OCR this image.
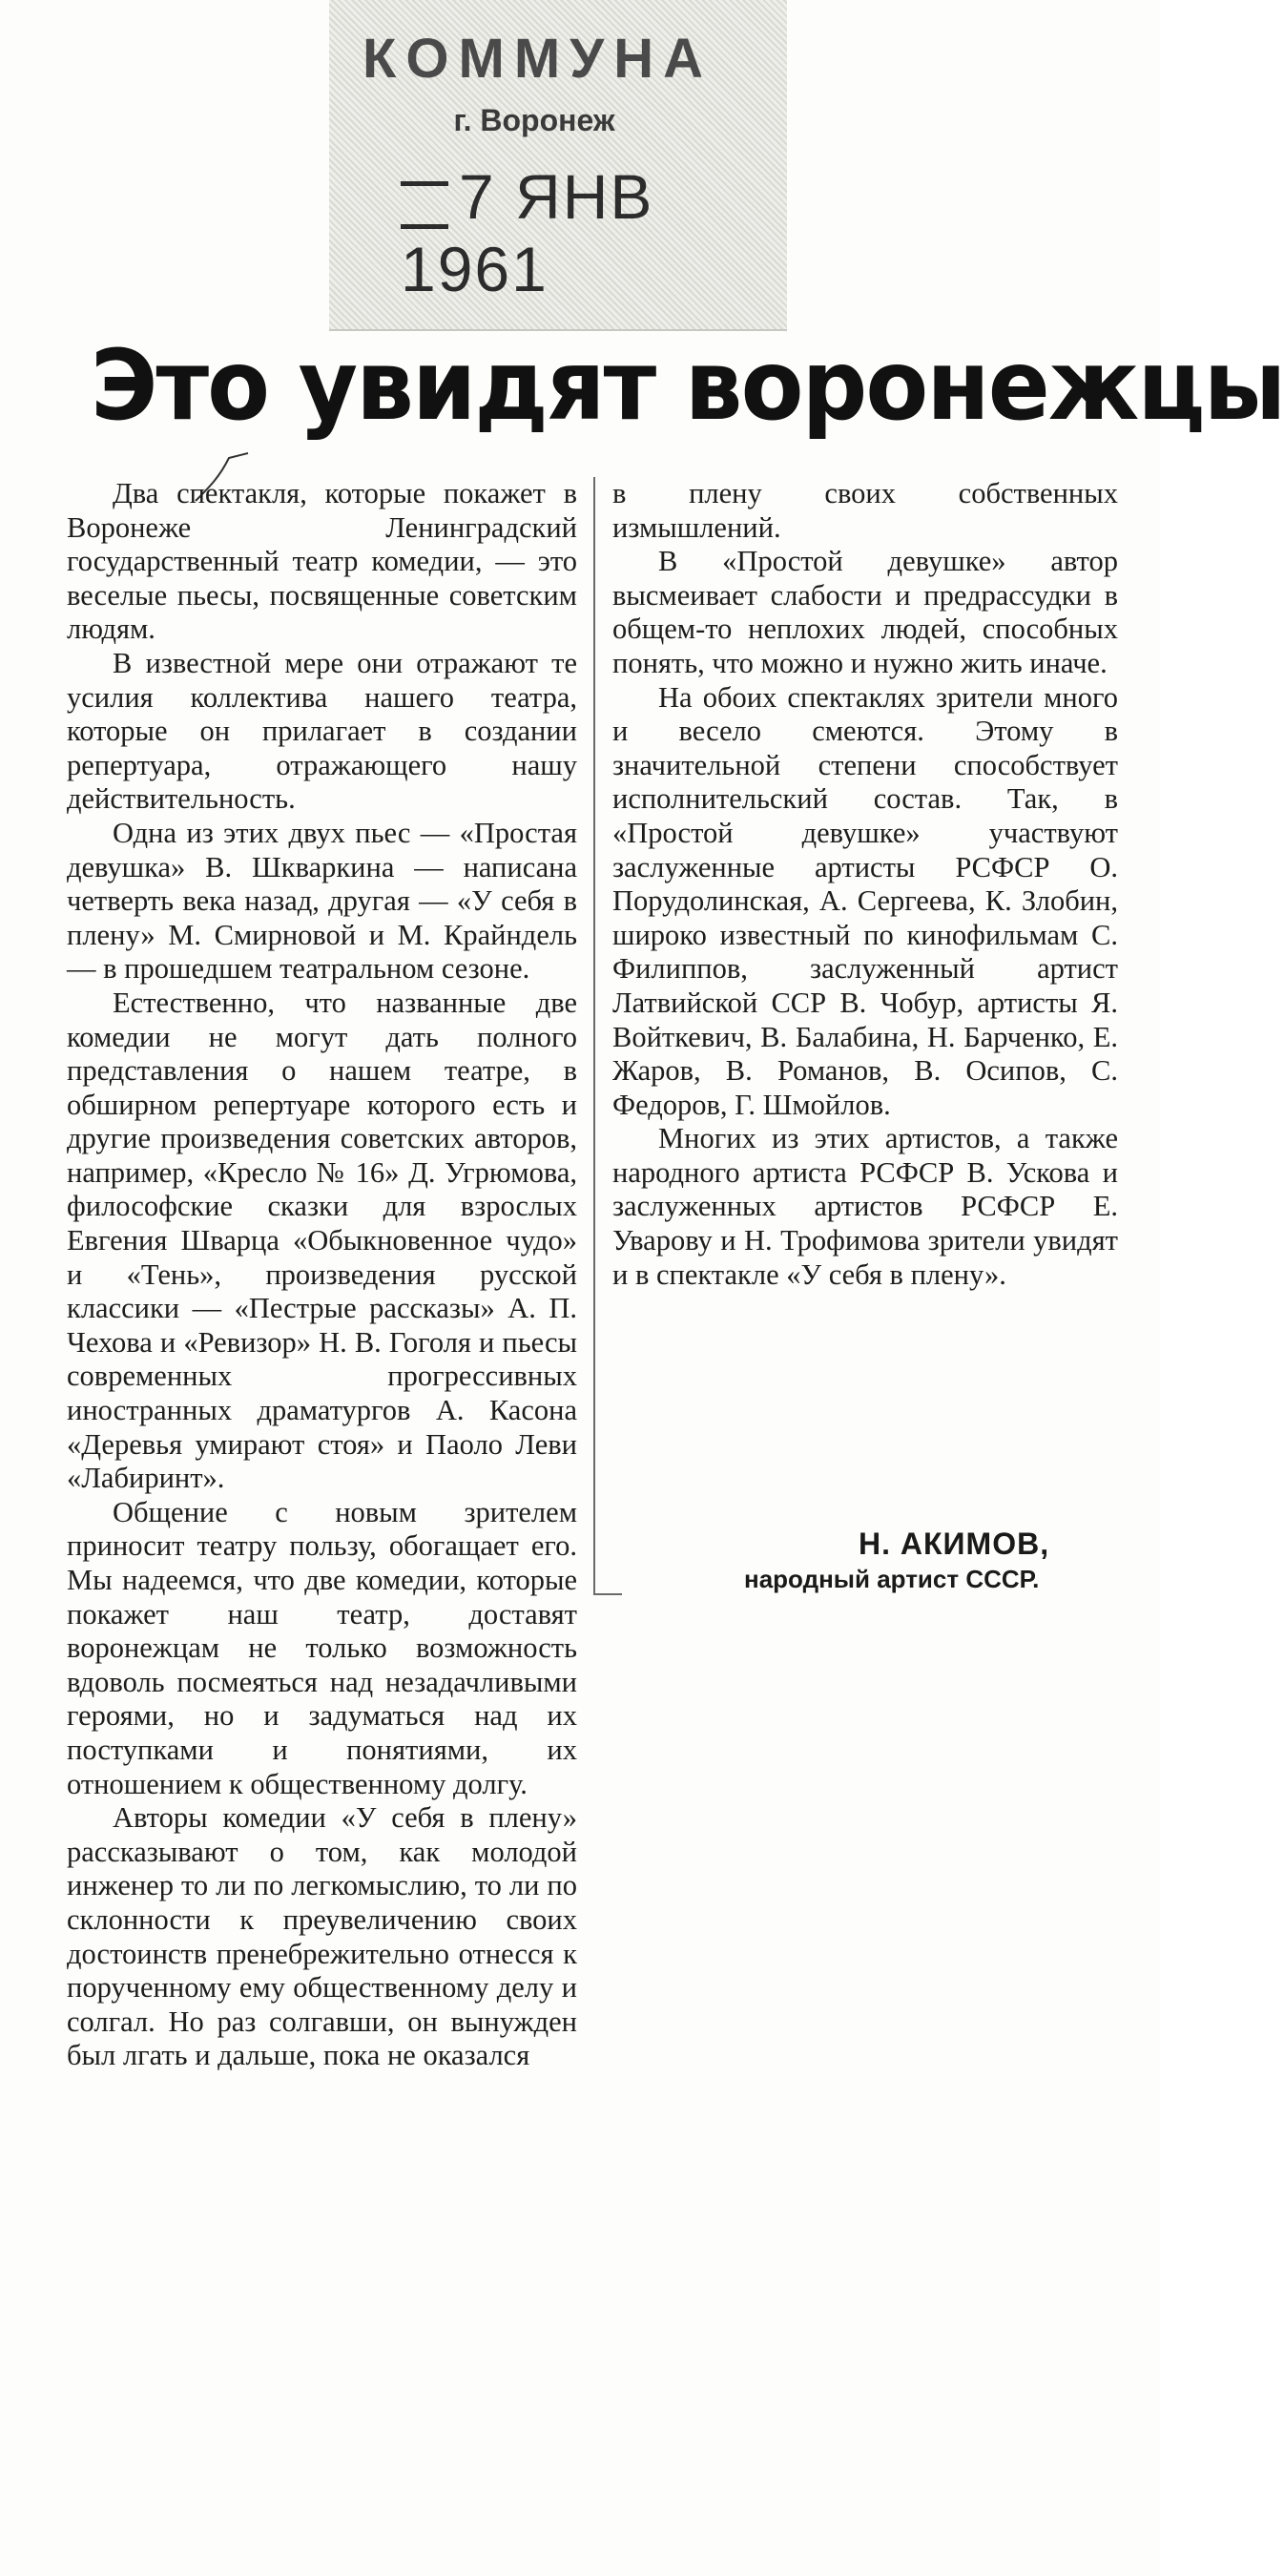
КОММУНА
г. Воронеж
7 ЯНВ 1961
Это увидят воронежцы

Два спектакля, которые покажет в Воронеже Ленинградский государственный театр комедии, — это веселые пьесы, посвященные советским людям.

В известной мере они отражают те усилия коллектива нашего театра, которые он прилагает в создании репертуара, отражающего нашу действительность.

Одна из этих двух пьес — «Простая девушка» В. Шкваркина — написана четверть века назад, другая — «У себя в плену» М. Смирновой и М. Крайндель — в прошедшем театральном сезоне.

Естественно, что названные две комедии не могут дать полного представления о нашем театре, в обширном репертуаре которого есть и другие произведения советских авторов, например, «Кресло № 16» Д. Угрюмова, философские сказки для взрослых Евгения Шварца «Обыкновенное чудо» и «Тень», произведения русской классики — «Пестрые рассказы» А. П. Чехова и «Ревизор» Н. В. Гоголя и пьесы современных прогрессивных иностранных драматургов А. Касона «Деревья умирают стоя» и Паоло Леви «Лабиринт».

Общение с новым зрителем приносит театру пользу, обогащает его. Мы надеемся, что две комедии, которые покажет наш театр, доставят воронежцам не только возможность вдоволь посмеяться над незадачливыми героями, но и задуматься над их поступками и понятиями, их отношением к общественному долгу.

Авторы комедии «У себя в плену» рассказывают о том, как молодой инженер то ли по легкомыслию, то ли по склонности к преувеличению своих достоинств пренебрежительно отнесся к порученному ему общественному делу и солгал. Но раз солгавши, он вынужден был лгать и дальше, пока не оказался

в плену своих собственных измышлений.

В «Простой девушке» автор высмеивает слабости и предрассудки в общем-то неплохих людей, способных понять, что можно и нужно жить иначе.

На обоих спектаклях зрители много и весело смеются. Этому в значительной степени способствует исполнительский состав. Так, в «Простой девушке» участвуют заслуженные артисты РСФСР О. Порудолинская, А. Сергеева, К. Злобин, широко известный по кинофильмам С. Филиппов, заслуженный артист Латвийской ССР В. Чобур, артисты Я. Войткевич, В. Балабина, Н. Барченко, Е. Жаров, В. Романов, В. Осипов, С. Федоров, Г. Шмойлов.

Многих из этих артистов, а также народного артиста РСФСР В. Ускова и заслуженных артистов РСФСР Е. Уварову и Н. Трофимова зрители увидят и в спектакле «У себя в плену».

Н. АКИМОВ,
народный артист СССР.
